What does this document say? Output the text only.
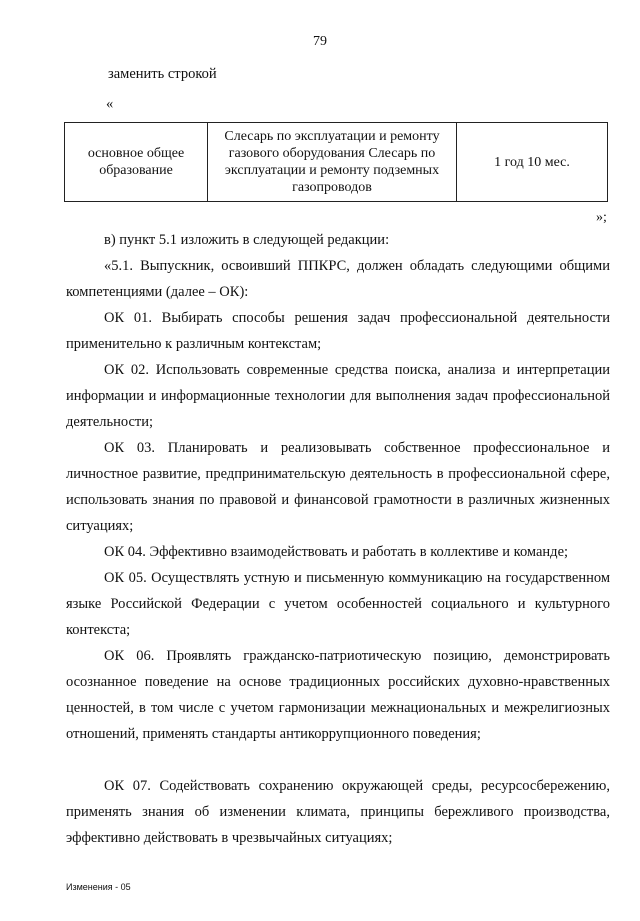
79
заменить строкой
«
основное общее образование	Слесарь по эксплуатации и ремонту газового оборудования Слесарь по эксплуатации и ремонту подземных газопроводов	1 год 10 мес.
»;

в) пункт 5.1 изложить в следующей редакции:

«5.1. Выпускник, освоивший ППКРС, должен обладать следующими общими компетенциями (далее – ОК):

ОК 01. Выбирать способы решения задач профессиональной деятельности применительно к различным контекстам;

ОК 02. Использовать современные средства поиска, анализа и интерпретации информации и информационные технологии для выполнения задач профессиональной деятельности;

ОК 03. Планировать и реализовывать собственное профессиональное и личностное развитие, предпринимательскую деятельность в профессиональной сфере, использовать знания по правовой и финансовой грамотности в различных жизненных ситуациях;

ОК 04. Эффективно взаимодействовать и работать в коллективе и команде;

ОК 05. Осуществлять устную и письменную коммуникацию на государственном языке Российской Федерации с учетом особенностей социального и культурного контекста;

ОК 06. Проявлять гражданско-патриотическую позицию, демонстрировать осознанное поведение на основе традиционных российских духовно-нравственных ценностей, в том числе с учетом гармонизации межнациональных и межрелигиозных отношений, применять стандарты антикоррупционного поведения;

ОК 07. Содействовать сохранению окружающей среды, ресурсосбережению, применять знания об изменении климата, принципы бережливого производства, эффективно действовать в чрезвычайных ситуациях;

Изменения - 05
